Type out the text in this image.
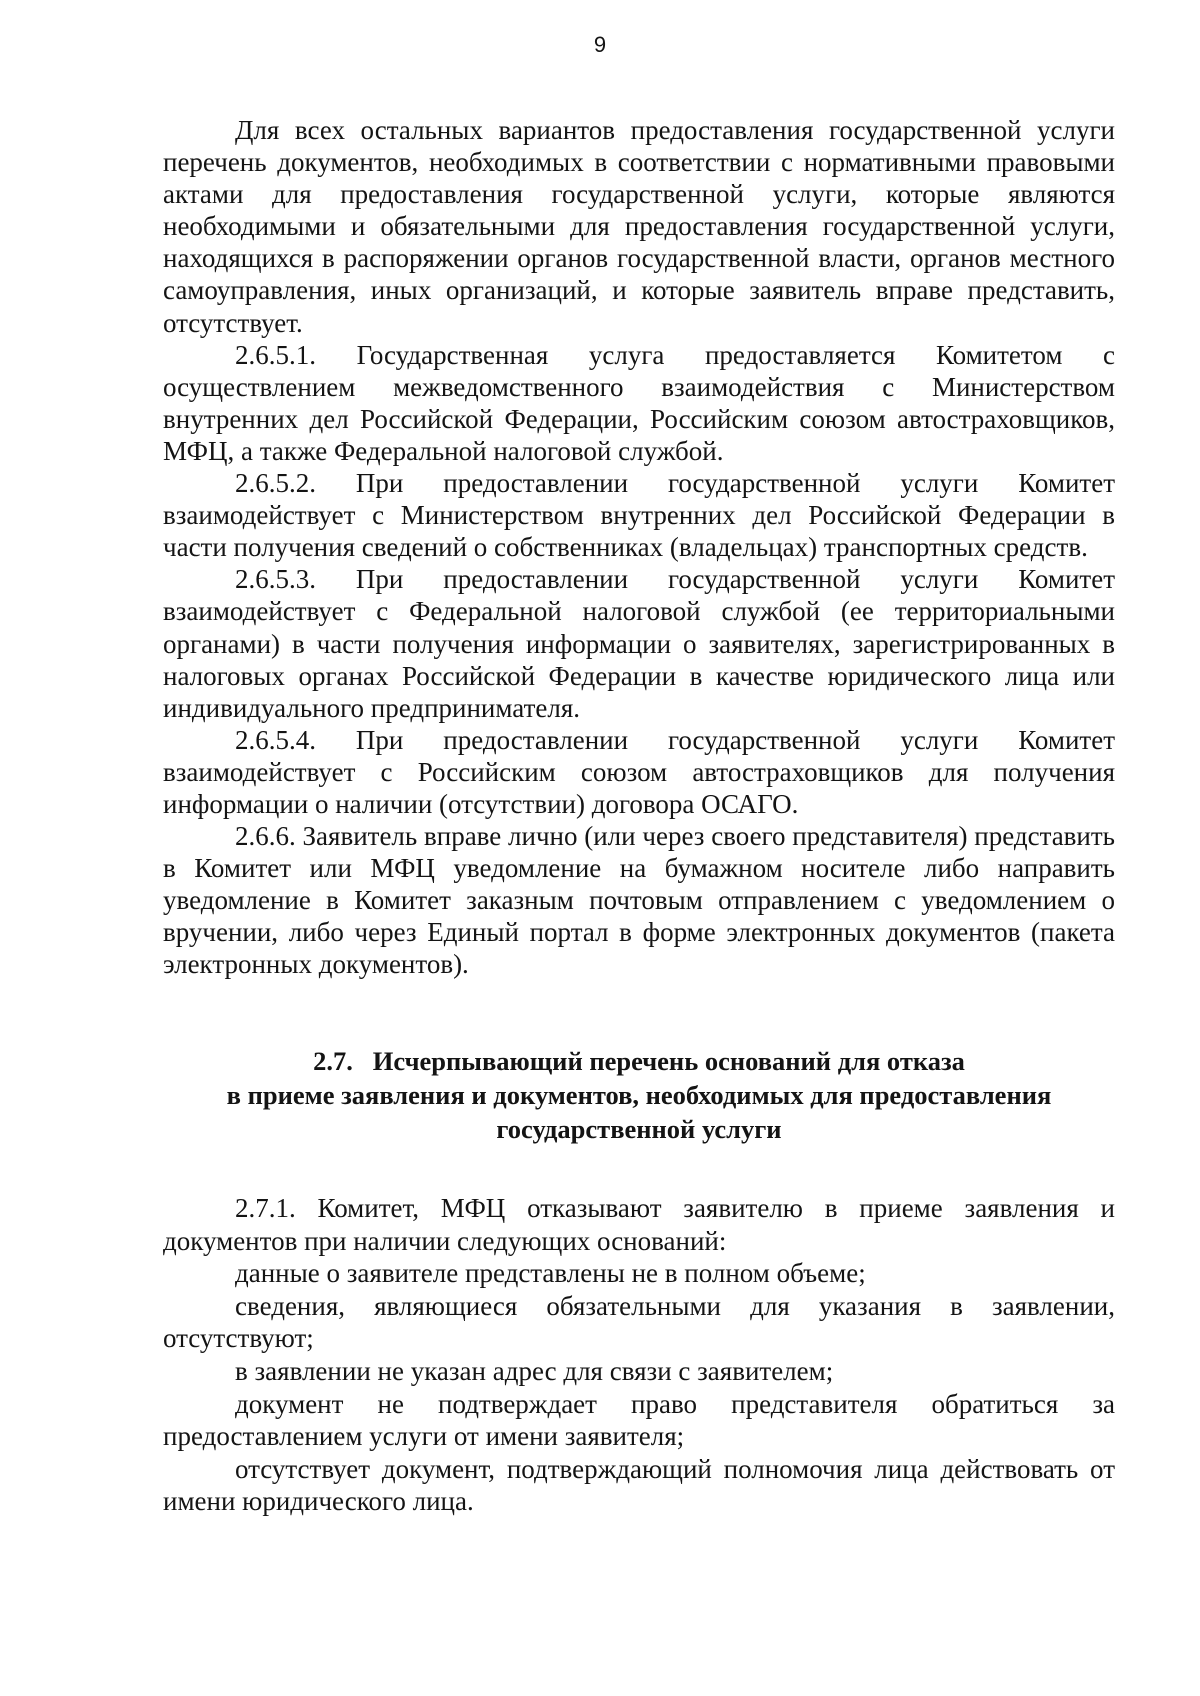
9

Для всех остальных вариантов предоставления государственной услуги перечень документов, необходимых в соответствии с нормативными правовыми актами для предоставления государственной услуги, которые являются необходимыми и обязательными для предоставления государственной услуги, находящихся в распоряжении органов государственной власти, органов местного самоуправления, иных организаций, и которые заявитель вправе представить, отсутствует.

2.6.5.1. Государственная услуга предоставляется Комитетом с осуществлением межведомственного взаимодействия с Министерством внутренних дел Российской Федерации, Российским союзом автостраховщиков, МФЦ, а также Федеральной налоговой службой.

2.6.5.2. При предоставлении государственной услуги Комитет взаимодействует с Министерством внутренних дел Российской Федерации в части получения сведений о собственниках (владельцах) транспортных средств.

2.6.5.3. При предоставлении государственной услуги Комитет взаимодействует с Федеральной налоговой службой (ее территориальными органами) в части получения информации о заявителях, зарегистрированных в налоговых органах Российской Федерации в качестве юридического лица или индивидуального предпринимателя.

2.6.5.4. При предоставлении государственной услуги Комитет взаимодействует с Российским союзом автостраховщиков для получения информации о наличии (отсутствии) договора ОСАГО.

2.6.6. Заявитель вправе лично (или через своего представителя) представить в Комитет или МФЦ уведомление на бумажном носителе либо направить уведомление в Комитет заказным почтовым отправлением с уведомлением о вручении, либо через Единый портал в форме электронных документов (пакета электронных документов).

2.7.   Исчерпывающий перечень оснований для отказа
в приеме заявления и документов, необходимых для предоставления
государственной услуги

2.7.1. Комитет, МФЦ отказывают заявителю в приеме заявления и документов при наличии следующих оснований:

данные о заявителе представлены не в полном объеме;

сведения, являющиеся обязательными для указания в заявлении, отсутствуют;

в заявлении не указан адрес для связи с заявителем;

документ не подтверждает право представителя обратиться за предоставлением услуги от имени заявителя;

отсутствует документ, подтверждающий полномочия лица действовать от имени юридического лица.
